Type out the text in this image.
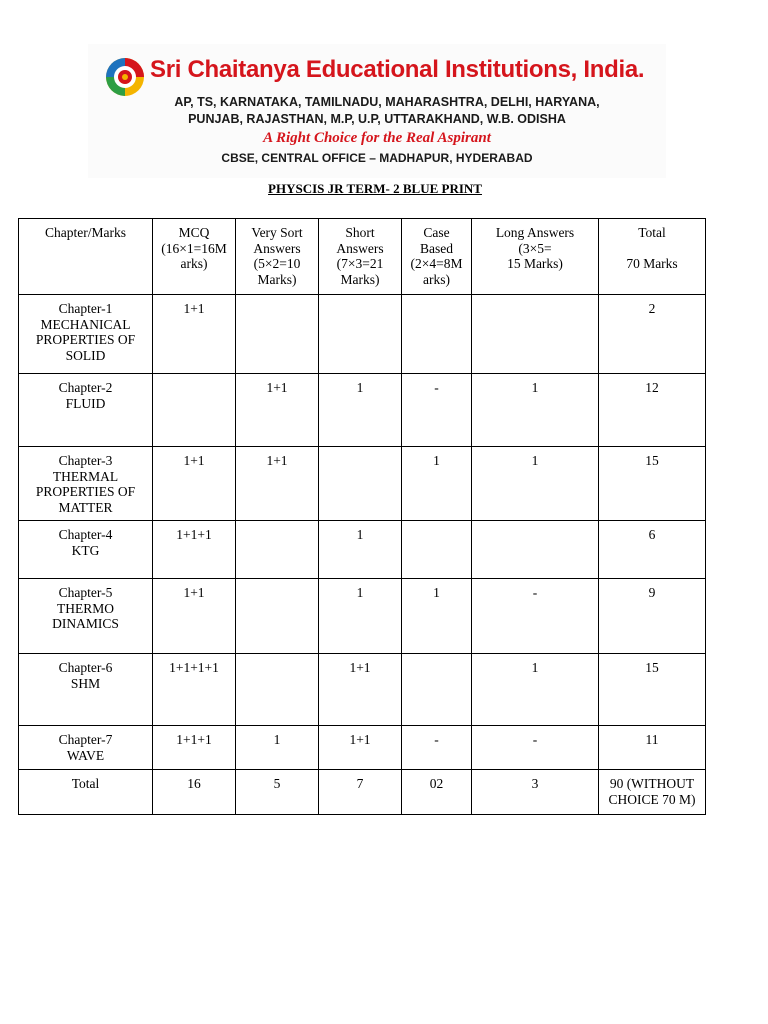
Sri Chaitanya Educational Institutions, India.
AP, TS, KARNATAKA, TAMILNADU, MAHARASHTRA, DELHI, HARYANA,
PUNJAB, RAJASTHAN, M.P, U.P, UTTARAKHAND, W.B. ODISHA
A Right Choice for the Real Aspirant
CBSE, CENTRAL OFFICE – MADHAPUR, HYDERABAD
PHYSCIS JR TERM- 2 BLUE PRINT
Chapter/Marks	MCQ
(16×1=16M
arks)	Very Sort
Answers
(5×2=10
Marks)	Short
Answers
(7×3=21
Marks)	Case
Based
(2×4=8M
arks)	Long Answers
(3×5=
15 Marks)	Total

70 Marks
Chapter-1
MECHANICAL
PROPERTIES OF
SOLID	1+1					2
Chapter-2
FLUID		1+1	1	-	1	12
Chapter-3
THERMAL
PROPERTIES OF
MATTER	1+1	1+1		1	1	15
Chapter-4
KTG	1+1+1		1			6
Chapter-5
THERMO
DINAMICS	1+1		1	1	-	9
Chapter-6
SHM	1+1+1+1		1+1		1	15
Chapter-7
WAVE	1+1+1	1	1+1	-	-	11
Total	16	5	7	02	3	90 (WITHOUT
CHOICE 70 M)
